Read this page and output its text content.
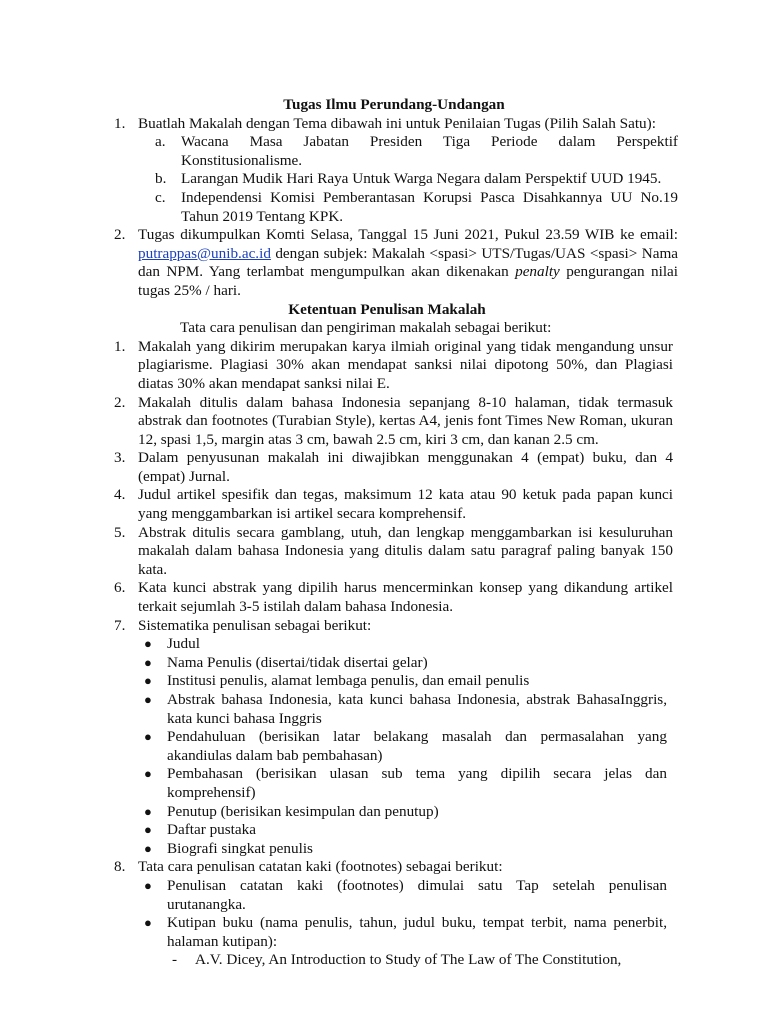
Tugas Ilmu Perundang-Undangan

1. Buatlah Makalah dengan Tema dibawah ini untuk Penilaian Tugas (Pilih Salah Satu):
a. Wacana Masa Jabatan Presiden Tiga Periode dalam Perspektif Konstitusionalisme.
b. Larangan Mudik Hari Raya Untuk Warga Negara dalam Perspektif UUD 1945.
c. Independensi Komisi Pemberantasan Korupsi Pasca Disahkannya UU No.19 Tahun 2019 Tentang KPK.
2. Tugas dikumpulkan Komti Selasa, Tanggal 15 Juni 2021, Pukul 23.59 WIB ke email: putrappas@unib.ac.id dengan subjek: Makalah <spasi> UTS/Tugas/UAS <spasi> Nama dan NPM. Yang terlambat mengumpulkan akan dikenakan penalty pengurangan nilai tugas 25% / hari.

Ketentuan Penulisan Makalah

Tata cara penulisan dan pengiriman makalah sebagai berikut:

1. Makalah yang dikirim merupakan karya ilmiah original yang tidak mengandung unsur plagiarisme. Plagiasi 30% akan mendapat sanksi nilai dipotong 50%, dan Plagiasi diatas 30% akan mendapat sanksi nilai E.
2. Makalah ditulis dalam bahasa Indonesia sepanjang 8-10 halaman, tidak termasuk abstrak dan footnotes (Turabian Style), kertas A4, jenis font Times New Roman, ukuran 12, spasi 1,5, margin atas 3 cm, bawah 2.5 cm, kiri 3 cm, dan kanan 2.5 cm.
3. Dalam penyusunan makalah ini diwajibkan menggunakan 4 (empat) buku, dan 4 (empat) Jurnal.
4. Judul artikel spesifik dan tegas, maksimum 12 kata atau 90 ketuk pada papan kunci yang menggambarkan isi artikel secara komprehensif.
5. Abstrak ditulis secara gamblang, utuh, dan lengkap menggambarkan isi kesuluruhan makalah dalam bahasa Indonesia yang ditulis dalam satu paragraf paling banyak 150 kata.
6. Kata kunci abstrak yang dipilih harus mencerminkan konsep yang dikandung artikel terkait sejumlah 3-5 istilah dalam bahasa Indonesia.
7. Sistematika penulisan sebagai berikut:
● Judul
● Nama Penulis (disertai/tidak disertai gelar)
● Institusi penulis, alamat lembaga penulis, dan email penulis
● Abstrak bahasa Indonesia, kata kunci bahasa Indonesia, abstrak BahasaInggris, kata kunci bahasa Inggris
● Pendahuluan (berisikan latar belakang masalah dan permasalahan yang akandiulas dalam bab pembahasan)
● Pembahasan (berisikan ulasan sub tema yang dipilih secara jelas dan komprehensif)
● Penutup (berisikan kesimpulan dan penutup)
● Daftar pustaka
● Biografi singkat penulis
8. Tata cara penulisan catatan kaki (footnotes) sebagai berikut:
● Penulisan catatan kaki (footnotes) dimulai satu Tap setelah penulisan urutanangka.
● Kutipan buku (nama penulis, tahun, judul buku, tempat terbit, nama penerbit, halaman kutipan):
- A.V. Dicey, An Introduction to Study of The Law of The Constitution,
